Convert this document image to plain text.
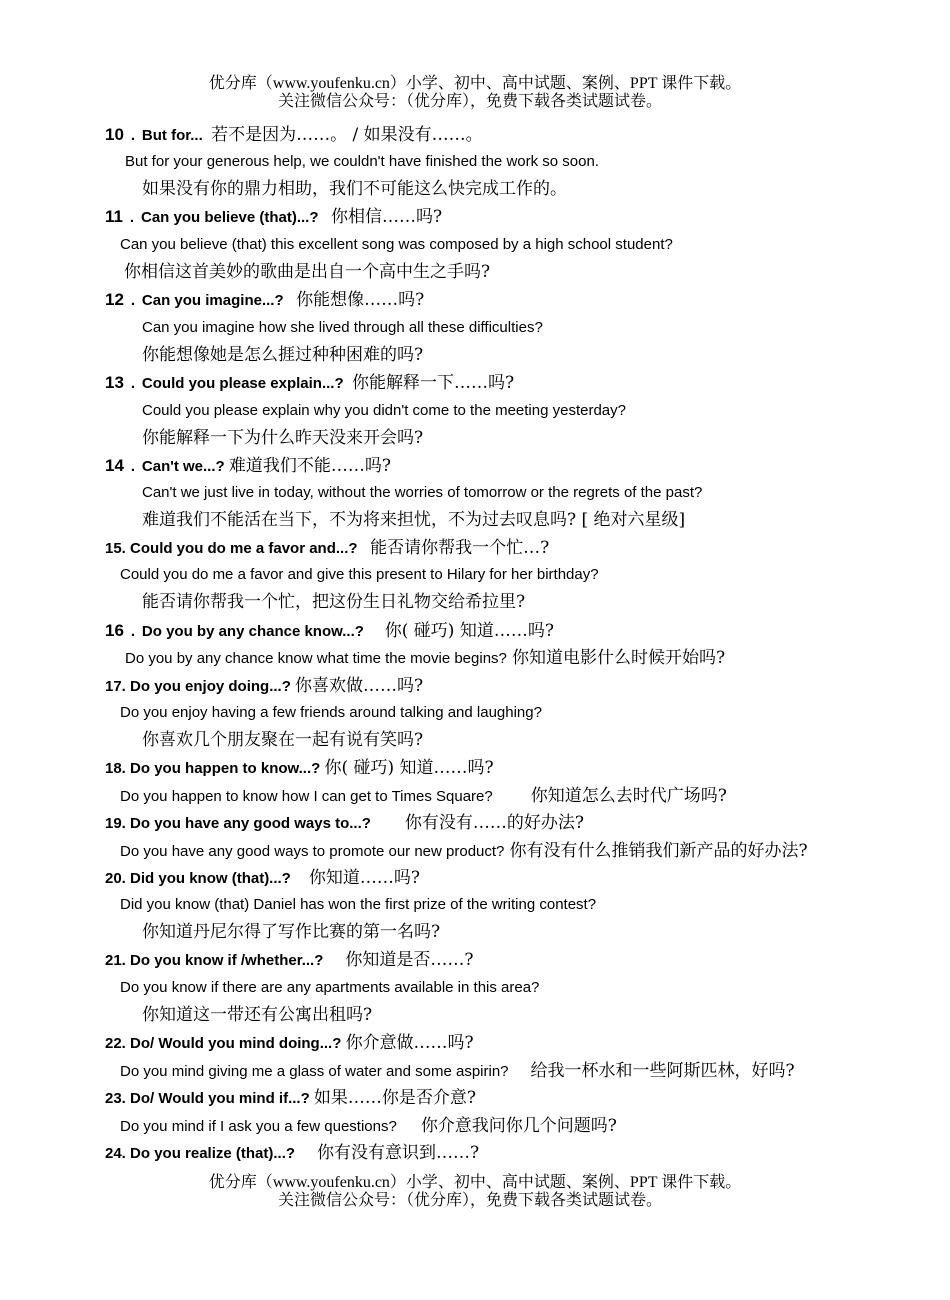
优分库（www.youfenku.cn）小学、初中、高中试题、案例、PPT 课件下载。
关注微信公众号：（优分库），免费下载各类试题试卷。
10 . But for... 若不是因为……。 / 如果没有……。
But for your generous help, we couldn't have finished the work so soon.
如果没有你的鼎力相助，我们不可能这么快完成工作的。
11 . Can you believe (that)...? 你相信……吗?
Can you believe (that) this excellent song was composed by a high school student?
你相信这首美妙的歌曲是出自一个高中生之手吗?
12 . Can you imagine...? 你能想像……吗?
Can you imagine how she lived through all these difficulties?
你能想像她是怎么捱过种种困难的吗?
13 . Could you please explain...? 你能解释一下……吗?
Could you please explain why you didn't come to the meeting yesterday?
你能解释一下为什么昨天没来开会吗?
14 . Can't we...? 难道我们不能……吗?
Can't we just live in today, without the worries of tomorrow or the regrets of the past?
难道我们不能活在当下，不为将来担忧，不为过去叹息吗? [ 绝对六星级]
15. Could you do me a favor and...? 能否请你帮我一个忙…?
Could you do me a favor and give this present to Hilary for her birthday?
能否请你帮我一个忙，把这份生日礼物交给希拉里?
16 . Do you by any chance know...? 你( 碰巧) 知道……吗?
Do you by any chance know what time the movie begins? 你知道电影什么时候开始吗?
17. Do you enjoy doing...? 你喜欢做……吗?
Do you enjoy having a few friends around talking and laughing?
你喜欢几个朋友聚在一起有说有笑吗?
18. Do you happen to know...? 你( 碰巧) 知道……吗?
Do you happen to know how I can get to Times Square? 你知道怎么去时代广场吗?
19. Do you have any good ways to...? 你有没有……的好办法?
Do you have any good ways to promote our new product? 你有没有什么推销我们新产品的好办法?
20. Did you know (that)...? 你知道……吗?
Did you know (that) Daniel has won the first prize of the writing contest?
你知道丹尼尔得了写作比赛的第一名吗?
21. Do you know if /whether...? 你知道是否……?
Do you know if there are any apartments available in this area?
你知道这一带还有公寓出租吗?
22. Do/ Would you mind doing...? 你介意做……吗?
Do you mind giving me a glass of water and some aspirin? 给我一杯水和一些阿斯匹林，好吗?
23. Do/ Would you mind if...? 如果……你是否介意?
Do you mind if I ask you a few questions? 你介意我问你几个问题吗?
24. Do you realize (that)...? 你有没有意识到……?
优分库（www.youfenku.cn）小学、初中、高中试题、案例、PPT 课件下载。
关注微信公众号：（优分库），免费下载各类试题试卷。
